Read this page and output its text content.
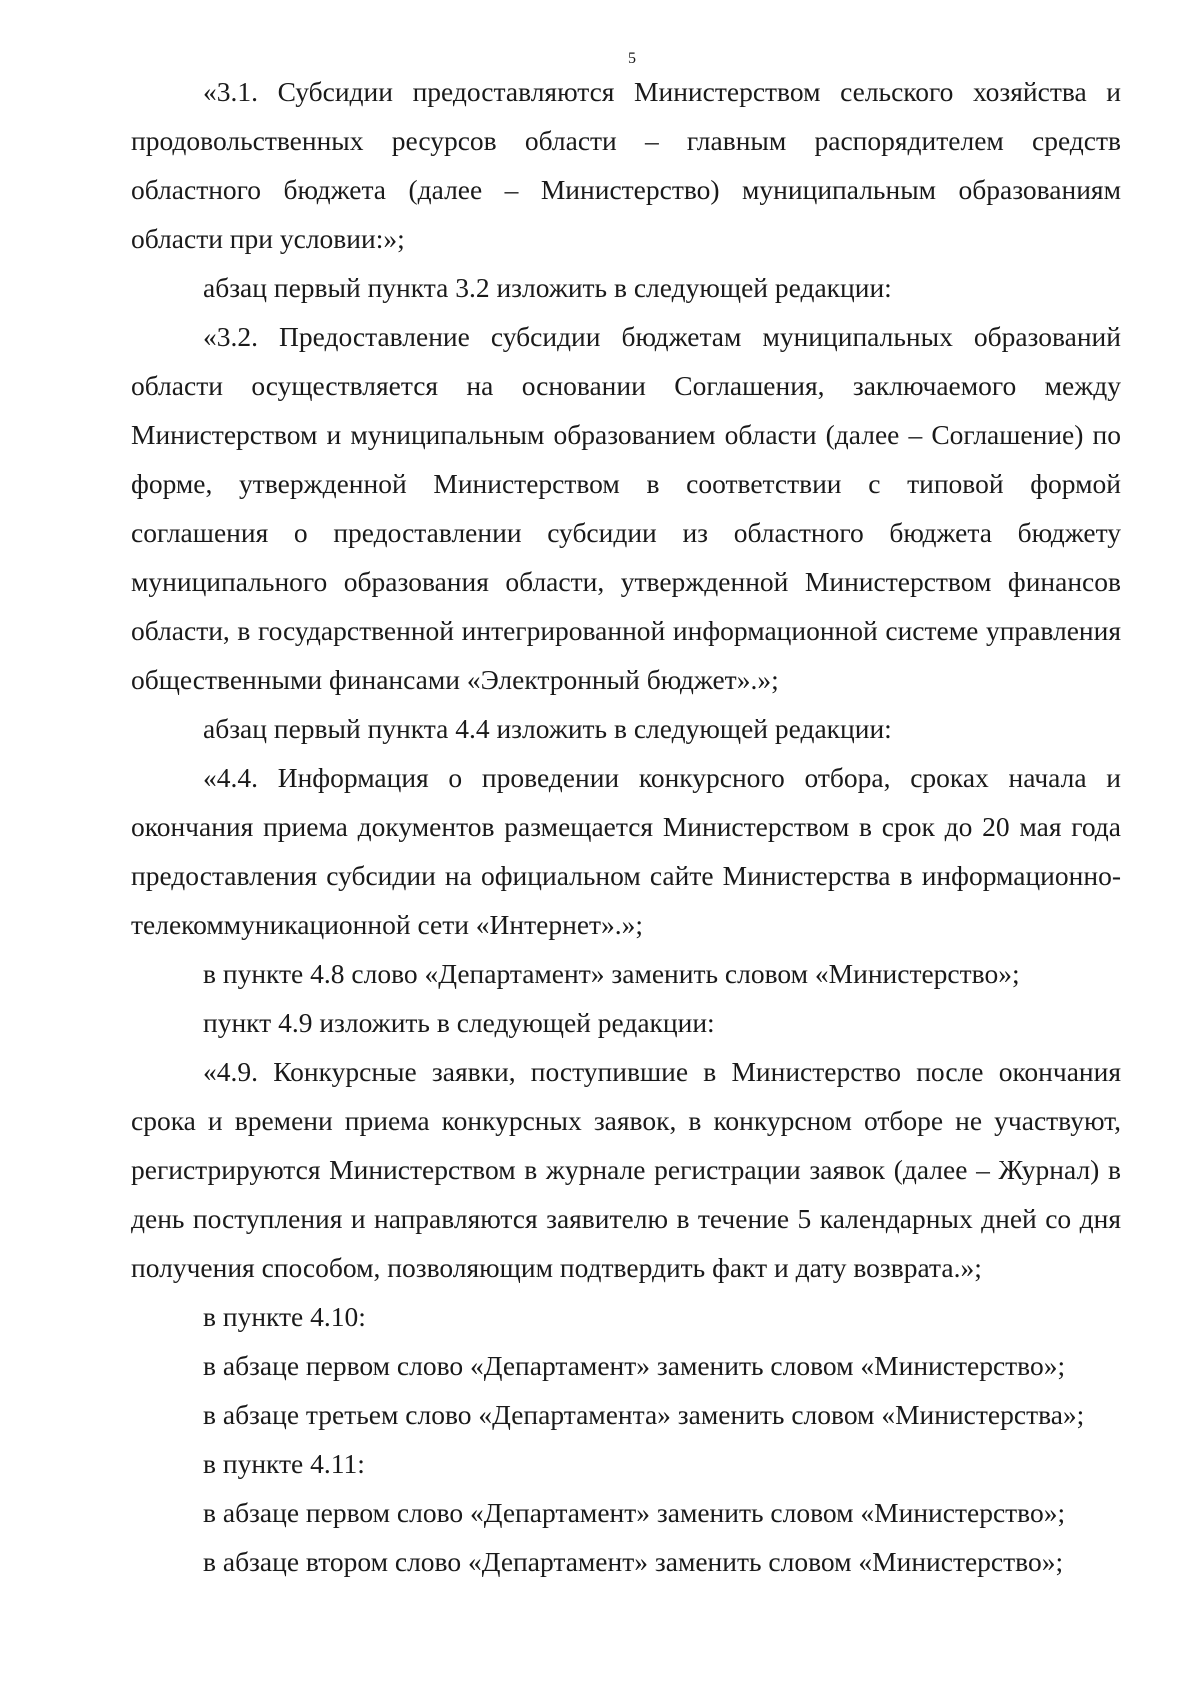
5

«3.1. Субсидии предоставляются Министерством сельского хозяйства и продовольственных ресурсов области – главным распорядителем средств областного бюджета (далее – Министерство) муниципальным образованиям области при условии:»;

абзац первый пункта 3.2 изложить в следующей редакции:

«3.2. Предоставление субсидии бюджетам муниципальных образований области осуществляется на основании Соглашения, заключаемого между Министерством и муниципальным образованием области (далее – Соглашение) по форме, утвержденной Министерством в соответствии с типовой формой соглашения о предоставлении субсидии из областного бюджета бюджету муниципального образования области, утвержденной Министерством финансов области, в государственной интегрированной информационной системе управления общественными финансами «Электронный бюджет».»;

абзац первый пункта 4.4 изложить в следующей редакции:

«4.4. Информация о проведении конкурсного отбора, сроках начала и окончания приема документов размещается Министерством в срок до 20 мая года предоставления субсидии на официальном сайте Министерства в информационно-телекоммуникационной сети «Интернет».»;

в пункте 4.8 слово «Департамент» заменить словом «Министерство»;

пункт 4.9 изложить в следующей редакции:

«4.9. Конкурсные заявки, поступившие в Министерство после окончания срока и времени приема конкурсных заявок, в конкурсном отборе не участвуют, регистрируются Министерством в журнале регистрации заявок (далее – Журнал) в день поступления и направляются заявителю в течение 5 календарных дней со дня получения способом, позволяющим подтвердить факт и дату возврата.»;

в пункте 4.10:

в абзаце первом слово «Департамент» заменить словом «Министерство»;

в абзаце третьем слово «Департамента» заменить словом «Министерства»;

в пункте 4.11:

в абзаце первом слово «Департамент» заменить словом «Министерство»;

в абзаце втором слово «Департамент» заменить словом «Министерство»;
